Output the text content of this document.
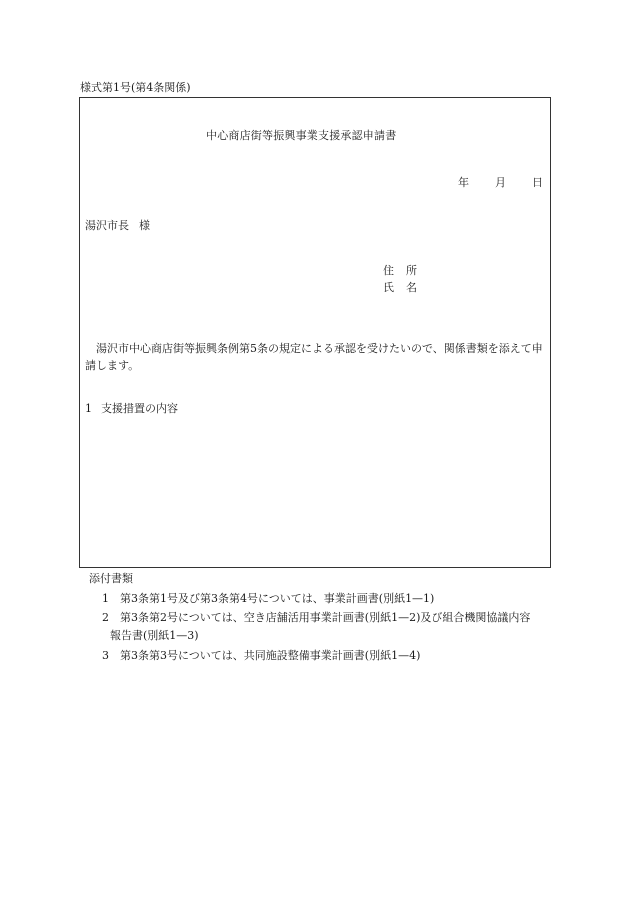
様式第1号(第4条関係)
中心商店街等振興事業支援承認申請書
年 月 日
湯沢市長 様
住所
氏名
湯沢市中心商店街等振興条例第5条の規定による承認を受けたいので、関係書類を添えて申請します。
1 支援措置の内容
添付書類
1 第3条第1号及び第3条第4号については、事業計画書(別紙1—1)
2 第3条第2号については、空き店舗活用事業計画書(別紙1—2)及び組合機関協議内容
報告書(別紙1—3)
3 第3条第3号については、共同施設整備事業計画書(別紙1—4)
